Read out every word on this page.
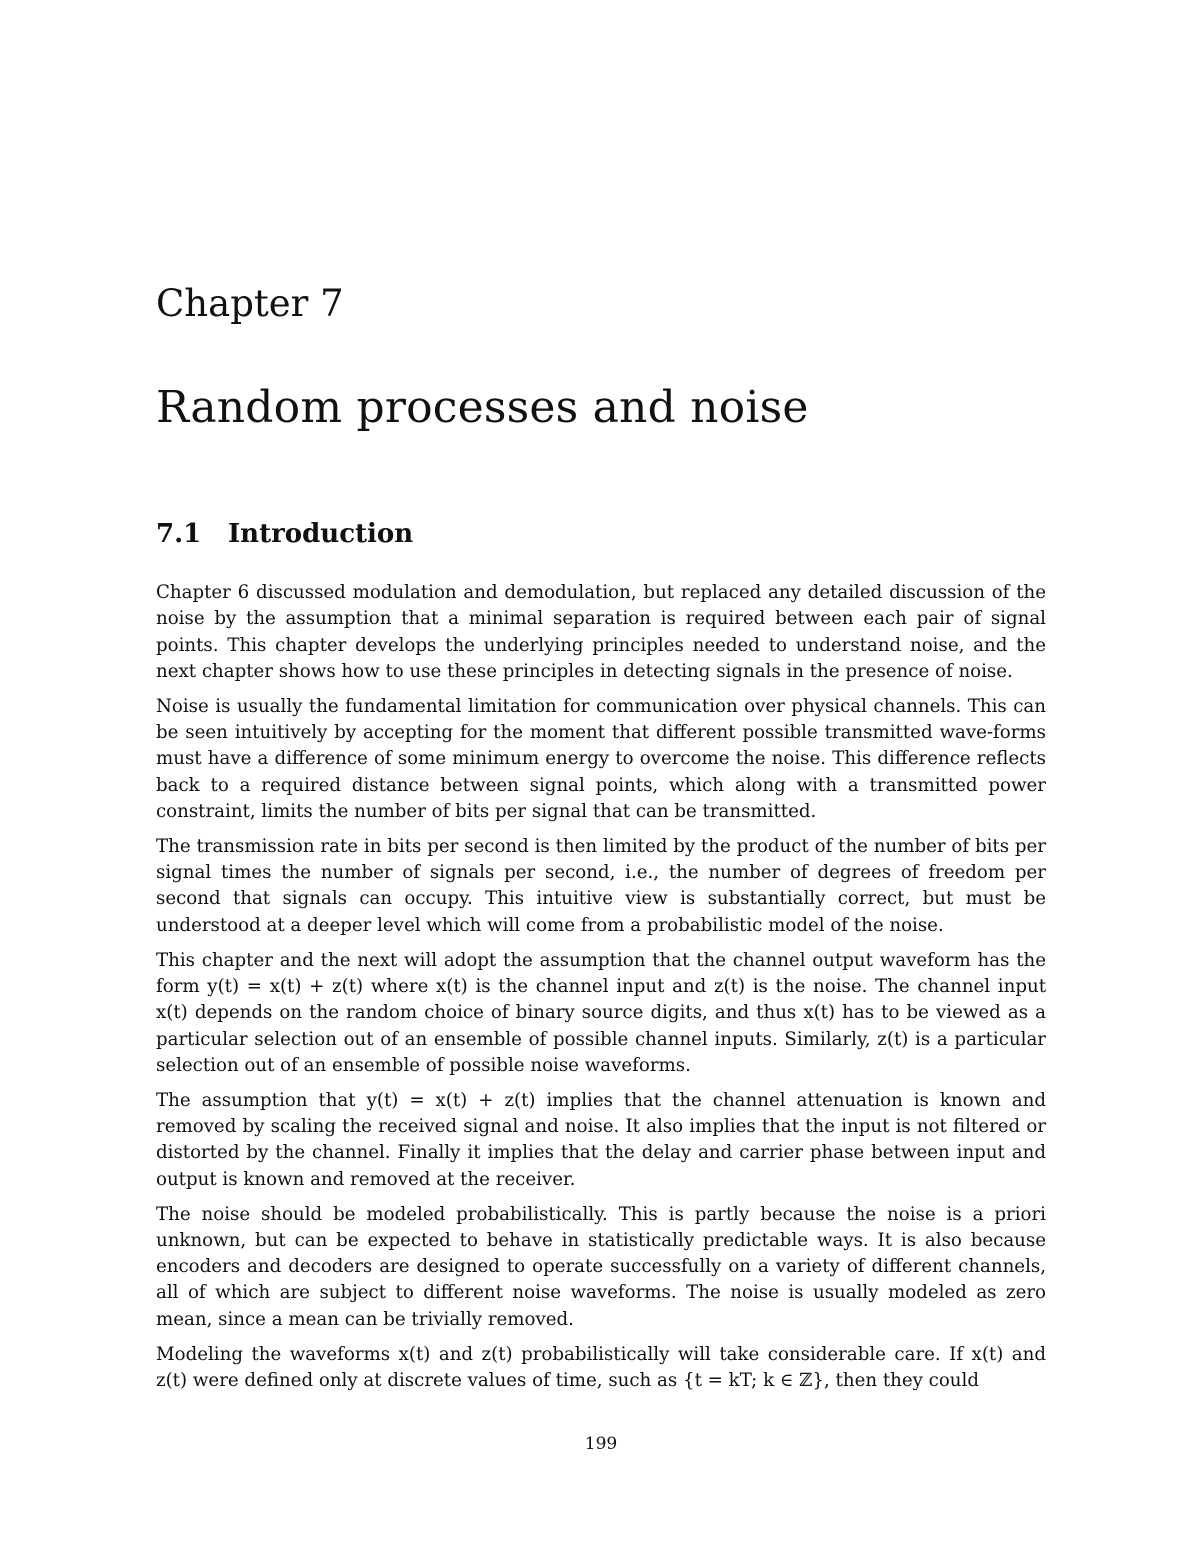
Chapter 7
Random processes and noise
7.1 Introduction

Chapter 6 discussed modulation and demodulation, but replaced any detailed discussion of the noise by the assumption that a minimal separation is required between each pair of signal points. This chapter develops the underlying principles needed to understand noise, and the next chapter shows how to use these principles in detecting signals in the presence of noise.

Noise is usually the fundamental limitation for communication over physical channels. This can be seen intuitively by accepting for the moment that different possible transmitted wave-forms must have a difference of some minimum energy to overcome the noise. This difference reflects back to a required distance between signal points, which along with a transmitted power constraint, limits the number of bits per signal that can be transmitted.

The transmission rate in bits per second is then limited by the product of the number of bits per signal times the number of signals per second, i.e., the number of degrees of freedom per second that signals can occupy. This intuitive view is substantially correct, but must be understood at a deeper level which will come from a probabilistic model of the noise.

This chapter and the next will adopt the assumption that the channel output waveform has the form y(t) = x(t) + z(t) where x(t) is the channel input and z(t) is the noise. The channel input x(t) depends on the random choice of binary source digits, and thus x(t) has to be viewed as a particular selection out of an ensemble of possible channel inputs. Similarly, z(t) is a particular selection out of an ensemble of possible noise waveforms.

The assumption that y(t) = x(t) + z(t) implies that the channel attenuation is known and removed by scaling the received signal and noise. It also implies that the input is not filtered or distorted by the channel. Finally it implies that the delay and carrier phase between input and output is known and removed at the receiver.

The noise should be modeled probabilistically. This is partly because the noise is a priori unknown, but can be expected to behave in statistically predictable ways. It is also because encoders and decoders are designed to operate successfully on a variety of different channels, all of which are subject to different noise waveforms. The noise is usually modeled as zero mean, since a mean can be trivially removed.

Modeling the waveforms x(t) and z(t) probabilistically will take considerable care. If x(t) and z(t) were defined only at discrete values of time, such as {t = kT; k ∈ ℤ}, then they could

199
